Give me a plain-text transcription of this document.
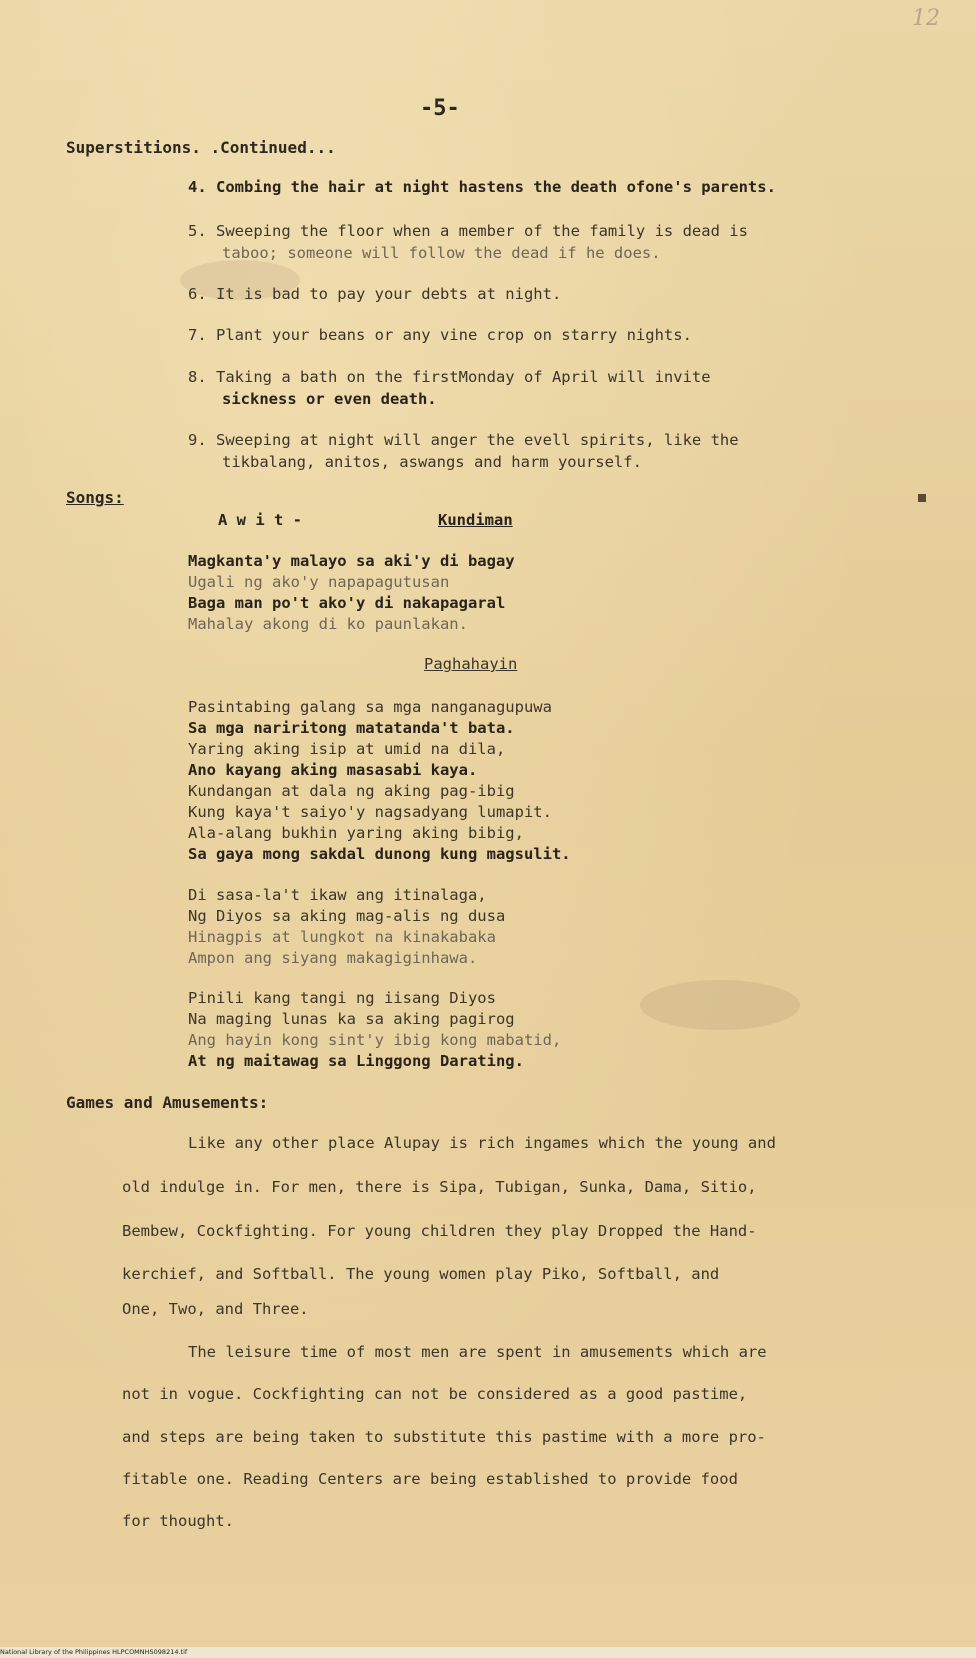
12
-5-
Superstitions. .Continued...
4. Combing the hair at night hastens the death ofone's parents.
5. Sweeping the floor when a member of the family is dead is
taboo; someone will follow the dead if he does.
6. It is bad to pay your debts at night.
7. Plant your beans or any vine crop on starry nights.
8. Taking a bath on the firstMonday of April will invite
sickness or even death.
9. Sweeping at night will anger the evell spirits, like the
tikbalang, anitos, aswangs and harm yourself.
Songs:
A w i t -	Kundiman
Magkanta'y malayo sa aki'y di bagay
Ugali ng ako'y napapagutusan
Baga man po't ako'y di nakapagaral
Mahalay akong di ko paunlakan.
Paghahayin
Pasintabing galang sa mga nanganagupuwa
Sa mga nariritong matatanda't bata.
Yaring aking isip at umid na dila,
Ano kayang aking masasabi kaya.
Kundangan at dala ng aking pag-ibig
Kung kaya't saiyo'y nagsadyang lumapit.
Ala-alang bukhin yaring aking bibig,
Sa gaya mong sakdal dunong kung magsulit.
Di sasa-la't ikaw ang itinalaga,
Ng Diyos sa aking mag-alis ng dusa
Hinagpis at lungkot na kinakabaka
Ampon ang siyang makagiginhawa.
Pinili kang tangi ng iisang Diyos
Na maging lunas ka sa aking pagirog
Ang hayin kong sint'y ibig kong mabatid,
At ng maitawag sa Linggong Darating.
Games and Amusements:
Like any other place Alupay is rich ingames which the young and
old indulge in. For men, there is Sipa, Tubigan, Sunka, Dama, Sitio,
Bembew, Cockfighting. For young children they play Dropped the Hand-
kerchief, and Softball. The young women play Piko, Softball, and
One, Two, and Three.
The leisure time of most men are spent in amusements which are
not in vogue. Cockfighting can not be considered as a good pastime,
and steps are being taken to substitute this pastime with a more pro-
fitable one. Reading Centers are being established to provide food
for thought.
National Library of the Philippines HLPCOMNHS098214.tif
